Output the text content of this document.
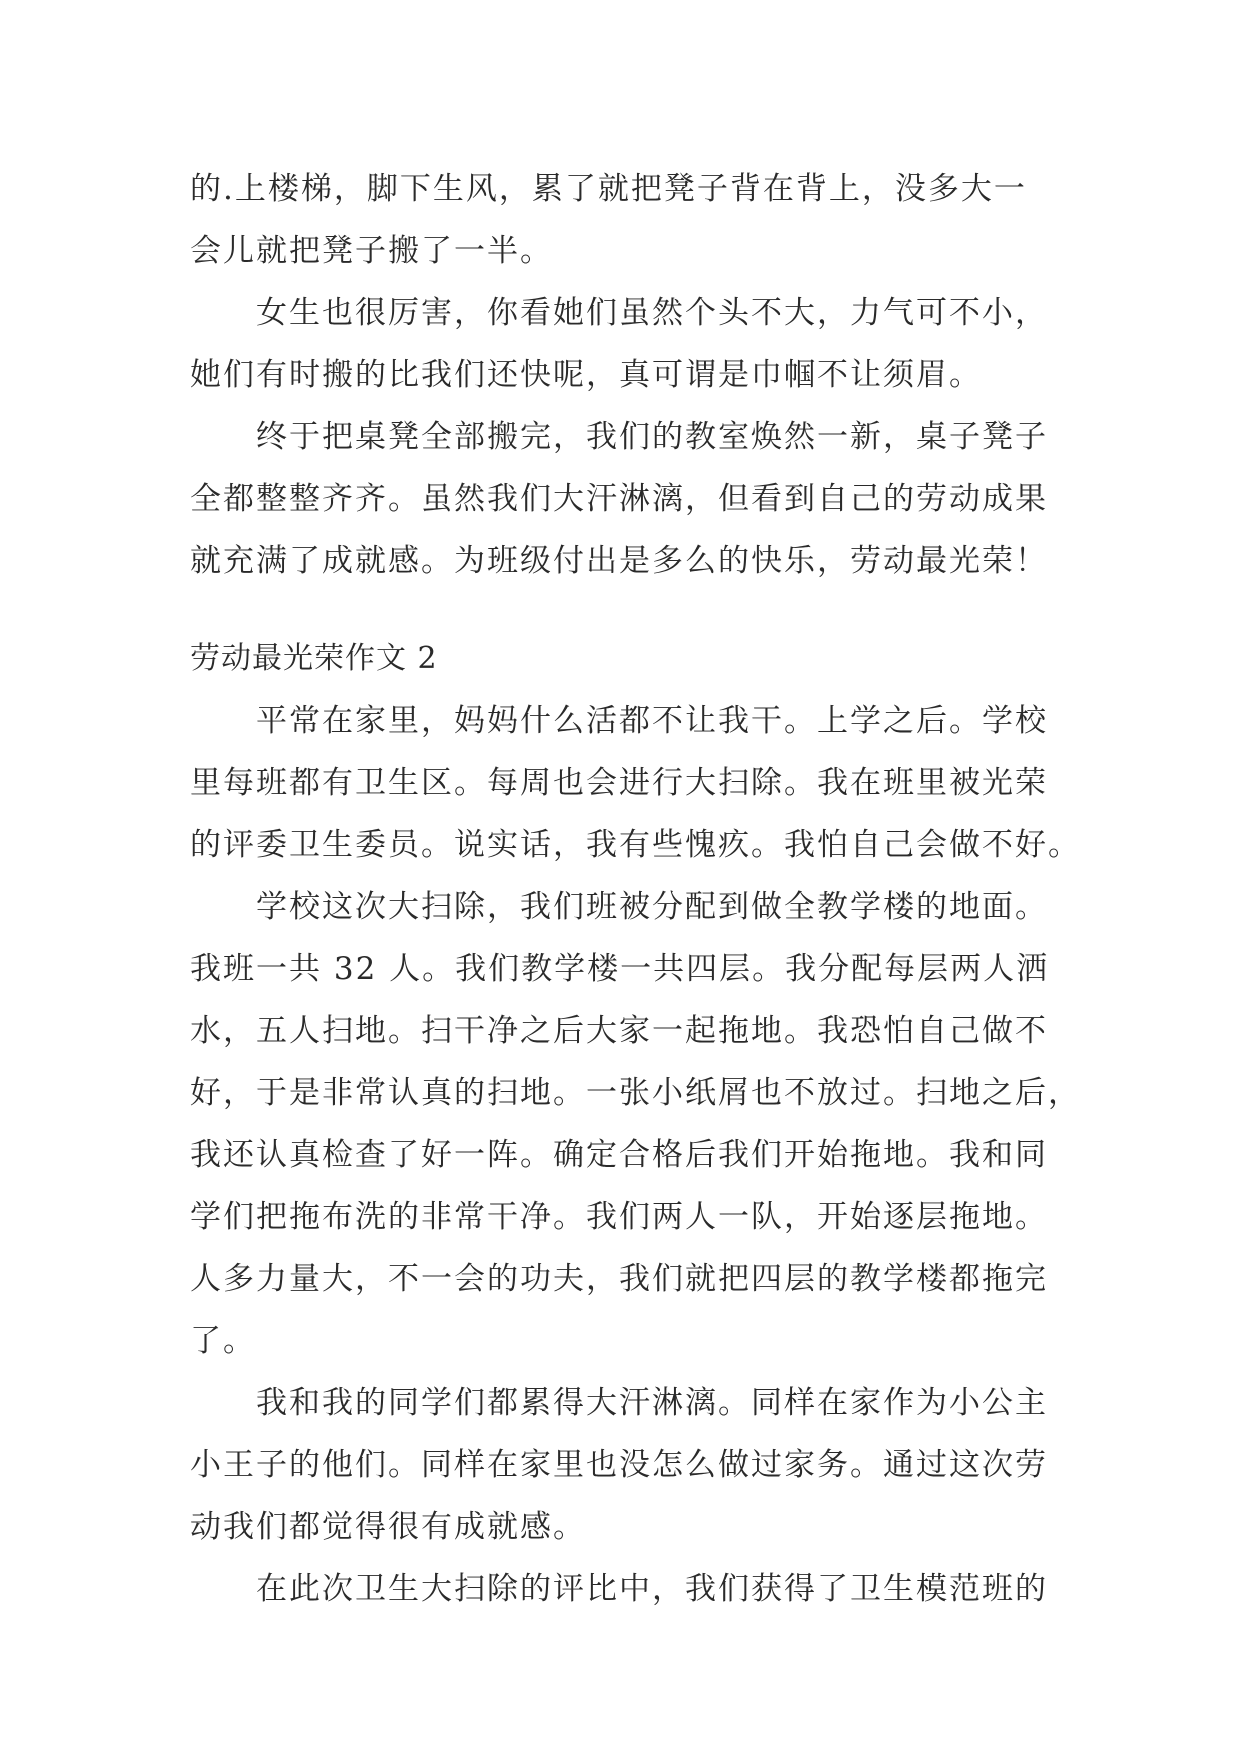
的.上楼梯，脚下生风，累了就把凳子背在背上，没多大一
会儿就把凳子搬了一半。
女生也很厉害，你看她们虽然个头不大，力气可不小，
她们有时搬的比我们还快呢，真可谓是巾帼不让须眉。
终于把桌凳全部搬完，我们的教室焕然一新，桌子凳子
全都整整齐齐。虽然我们大汗淋漓，但看到自己的劳动成果
就充满了成就感。为班级付出是多么的快乐，劳动最光荣！
劳动最光荣作文 2
平常在家里，妈妈什么活都不让我干。上学之后。学校
里每班都有卫生区。每周也会进行大扫除。我在班里被光荣
的评委卫生委员。说实话，我有些愧疚。我怕自己会做不好。
学校这次大扫除，我们班被分配到做全教学楼的地面。
我班一共 32 人。我们教学楼一共四层。我分配每层两人洒
水，五人扫地。扫干净之后大家一起拖地。我恐怕自己做不
好，于是非常认真的扫地。一张小纸屑也不放过。扫地之后，
我还认真检查了好一阵。确定合格后我们开始拖地。我和同
学们把拖布洗的非常干净。我们两人一队，开始逐层拖地。
人多力量大，不一会的功夫，我们就把四层的教学楼都拖完
了。
我和我的同学们都累得大汗淋漓。同样在家作为小公主
小王子的他们。同样在家里也没怎么做过家务。通过这次劳
动我们都觉得很有成就感。
在此次卫生大扫除的评比中，我们获得了卫生模范班的
